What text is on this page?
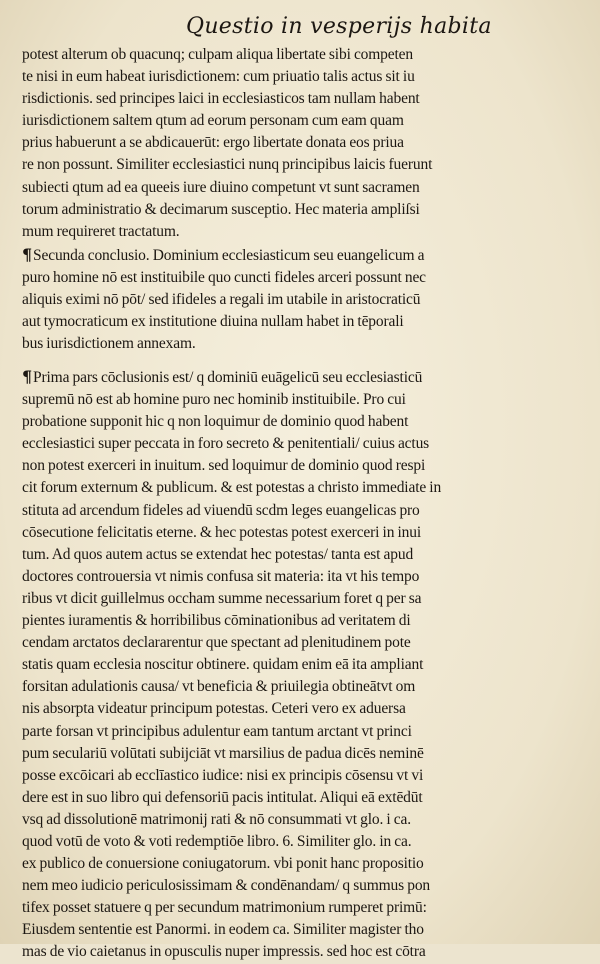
Questio in vesperijs habita
potest alterum ob quacunq; culpam aliqua libertate sibi competen
te nisi in eum habeat iurisdictionem: cum priuatio talis actus sit iu
risdictionis. sed principes laici in ecclesiasticos tam nullam habent
iurisdictionem saltem qtum ad eorum personam cum eam quam
prius habuerunt a se abdicauerūt: ergo libertate donata eos priua
re non possunt. Similiter ecclesiastici nunq principibus laicis fuerunt
subiecti qtum ad ea queeis iure diuino competunt vt sunt sacramen
torum administratio & decimarum susceptio. Hec materia ampliſsi
mum requireret tractatum.
¶Secunda conclusio. Dominium ecclesiasticum seu euangelicum a
puro homine nō est instituibile quo cuncti fideles arceri possunt nec
aliquis eximi nō pōt/ sed ifideles a regali im utabile in aristocraticū
aut tymocraticum ex institutione diuina nullam habet in tēporali
bus iurisdictionem annexam.
¶Prima pars cōclusionis est/ q dominiū euāgelicū seu ecclesiasticū
supremū nō est ab homine puro nec hominib instituibile. Pro cui
probatione supponit hic q non loquimur de dominio quod habent
ecclesiastici super peccata in foro secreto & penitentiali/ cuius actus
non potest exerceri in inuitum. sed loquimur de dominio quod respi
cit forum externum & publicum. & est potestas a christo immediate in
stituta ad arcendum fideles ad viuendū scdm leges euangelicas pro
cōsecutione felicitatis eterne. & hec potestas potest exerceri in inui
tum. Ad quos autem actus se extendat hec potestas/ tanta est apud
doctores controuersia vt nimis confusa sit materia: ita vt his tempo
ribus vt dicit guillelmus occham summe necessarium foret q per sa
pientes iuramentis & horribilibus cōminationibus ad veritatem di
cendam arctatos declararentur que spectant ad plenitudinem pote
statis quam ecclesia noscitur obtinere. quidam enim eā ita ampliant
forsitan adulationis causa/ vt beneficia & priuilegia obtineātvt om
nis absorpta videatur principum potestas. Ceteri vero ex aduersa
parte forsan vt principibus adulentur eam tantum arctant vt princi
pum seculariū volūtati subijciāt vt marsilius de padua dicēs neminē
posse excōicari ab ecclīastico iudice: nisi ex principis cōsensu vt vi
dere est in suo libro qui defensoriū pacis intitulat. Aliqui eā extēdūt
vsq ad dissolutionē matrimonij rati & nō consummati vt glo. i ca.
quod votū de voto & voti redemptiōe libro. 6. Similiter glo. in ca.
ex publico de conuersione coniugatorum. vbi ponit hanc propositio
nem meo iudicio periculosissimam & condēnandam/ q summus pon
tifex posset statuere q per secundum matrimonium rumperet primū:
Eiusdem sententie est Panormi. in eodem ca. Similiter magister tho
mas de vio caietanus in opusculis nuper impressis. sed hoc est cōtra
